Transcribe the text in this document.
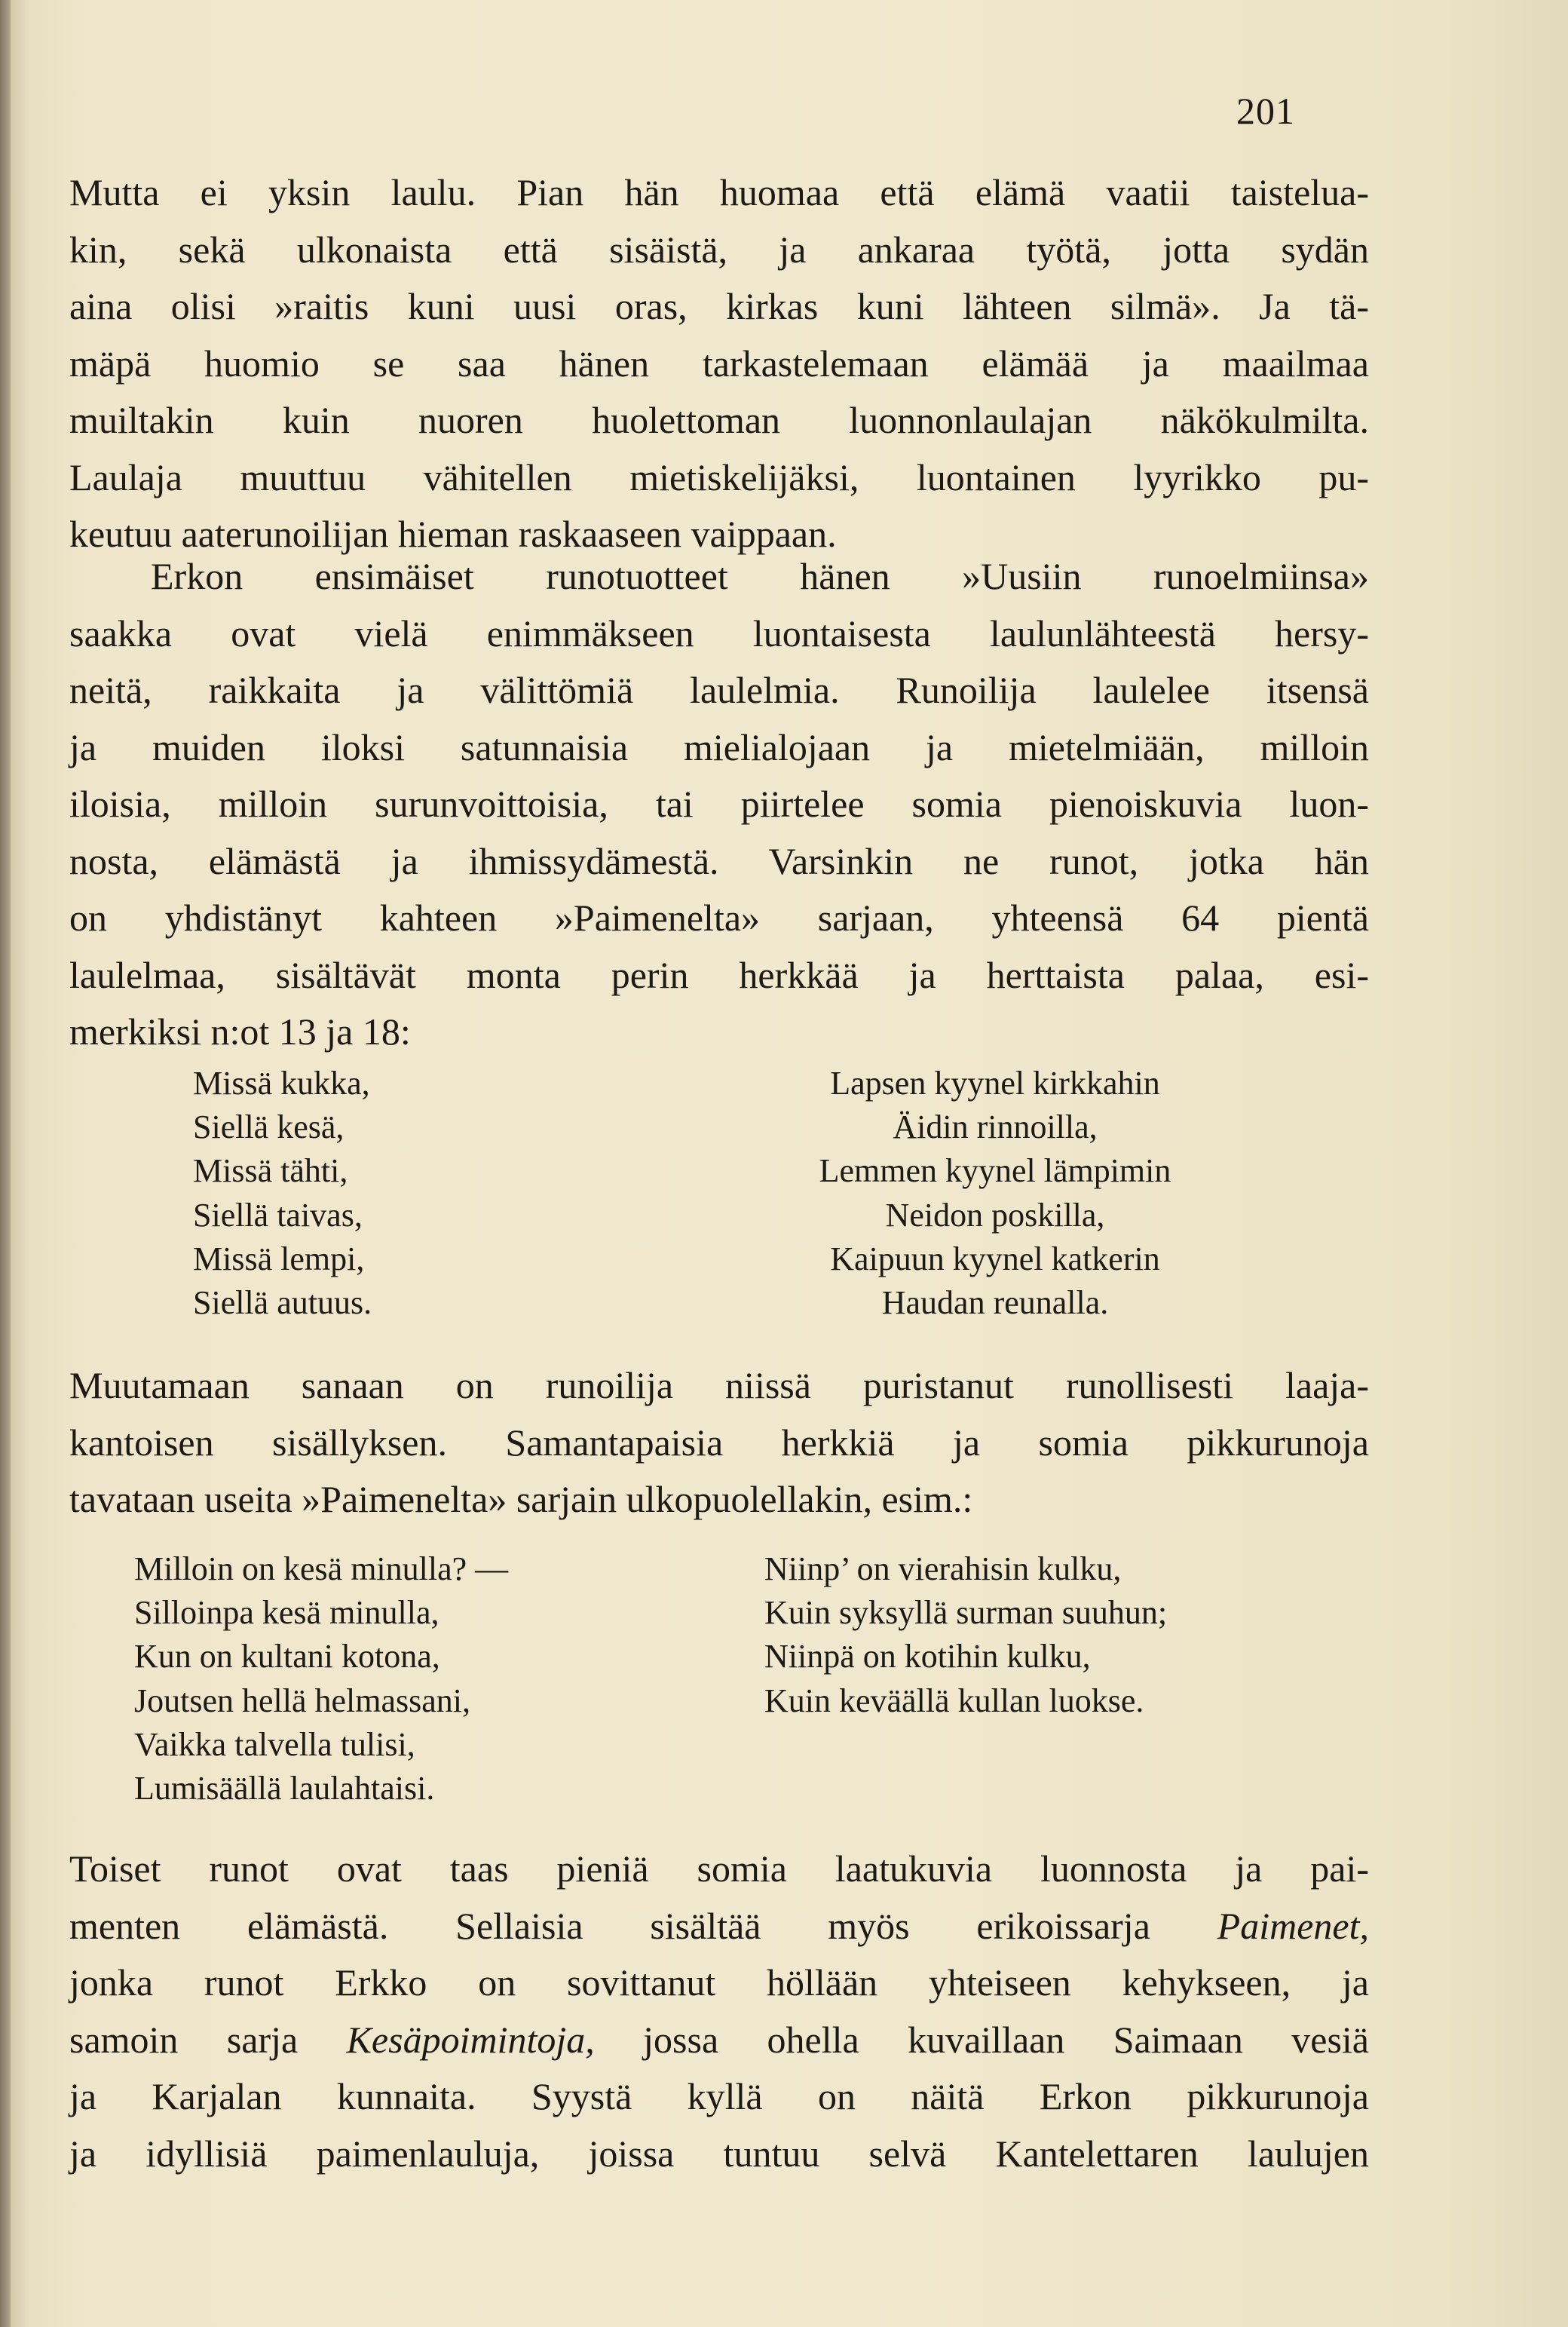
201
Mutta ei yksin laulu. Pian hän huomaa että elämä vaatii taistelua-
kin, sekä ulkonaista että sisäistä, ja ankaraa työtä, jotta sydän
aina olisi »raitis kuni uusi oras, kirkas kuni lähteen silmä». Ja tä-
mäpä huomio se saa hänen tarkastelemaan elämää ja maailmaa
muiltakin kuin nuoren huolettoman luonnonlaulajan näkökulmilta.
Laulaja muuttuu vähitellen mietiskelijäksi, luontainen lyyrikko pu-
keutuu aaterunoilijan hieman raskaaseen vaippaan.
Erkon ensimäiset runotuotteet hänen »Uusiin runoelmiinsa»
saakka ovat vielä enimmäkseen luontaisesta laulunlähteestä hersy-
neitä, raikkaita ja välittömiä laulelmia. Runoilija laulelee itsensä
ja muiden iloksi satunnaisia mielialojaan ja mietelmiään, milloin
iloisia, milloin surunvoittoisia, tai piirtelee somia pienoiskuvia luon-
nosta, elämästä ja ihmissydämestä. Varsinkin ne runot, jotka hän
on yhdistänyt kahteen »Paimenelta» sarjaan, yhteensä 64 pientä
laulelmaa, sisältävät monta perin herkkää ja herttaista palaa, esi-
merkiksi n:ot 13 ja 18:
Missä kukka,
Siellä kesä,
Missä tähti,
Siellä taivas,
Missä lempi,
Siellä autuus.
Lapsen kyynel kirkkahin
Äidin rinnoilla,
Lemmen kyynel lämpimin
Neidon poskilla,
Kaipuun kyynel katkerin
Haudan reunalla.
Muutamaan sanaan on runoilija niissä puristanut runollisesti laaja-
kantoisen sisällyksen. Samantapaisia herkkiä ja somia pikkurunoja
tavataan useita »Paimenelta» sarjain ulkopuolellakin, esim.:
Milloin on kesä minulla? —
Silloinpa kesä minulla,
Kun on kultani kotona,
Joutsen hellä helmassani,
Vaikka talvella tulisi,
Lumisäällä laulahtaisi.
Niinp’ on vierahisin kulku,
Kuin syksyllä surman suuhun;
Niinpä on kotihin kulku,
Kuin keväällä kullan luokse.
Toiset runot ovat taas pieniä somia laatukuvia luonnosta ja pai-
menten elämästä. Sellaisia sisältää myös erikoissarja Paimenet,
jonka runot Erkko on sovittanut höllään yhteiseen kehykseen, ja
samoin sarja Kesäpoimintoja, jossa ohella kuvaillaan Saimaan vesiä
ja Karjalan kunnaita. Syystä kyllä on näitä Erkon pikkurunoja
ja idyllisiä paimenlauluja, joissa tuntuu selvä Kantelettaren laulujen
